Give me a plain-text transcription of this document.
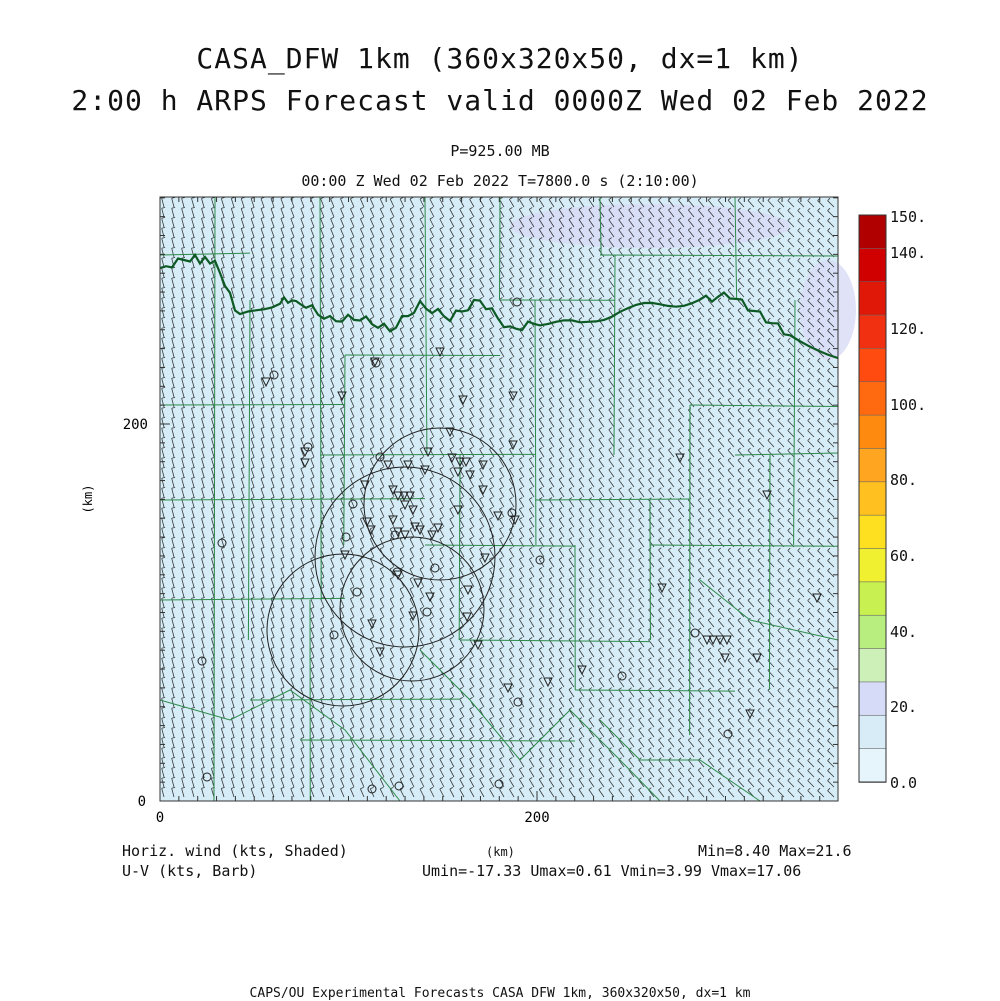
CASA_DFW 1km (360x320x50, dx=1 km)
2:00 h ARPS Forecast valid 0000Z Wed 02 Feb 2022
P=925.00 MB
00:00 Z Wed 02 Feb 2022 T=7800.0 s (2:10:00)
0	200
0
200
(km)
150.
140.
120.
100.
80.
60.
40.
20.
0.0
Horiz. wind (kts, Shaded)
U-V (kts, Barb)
(km)	Min=8.40 Max=21.6
Umin=-17.33 Umax=0.61 Vmin=3.99 Vmax=17.06
CAPS/OU Experimental Forecasts CASA DFW 1km, 360x320x50, dx=1 km
